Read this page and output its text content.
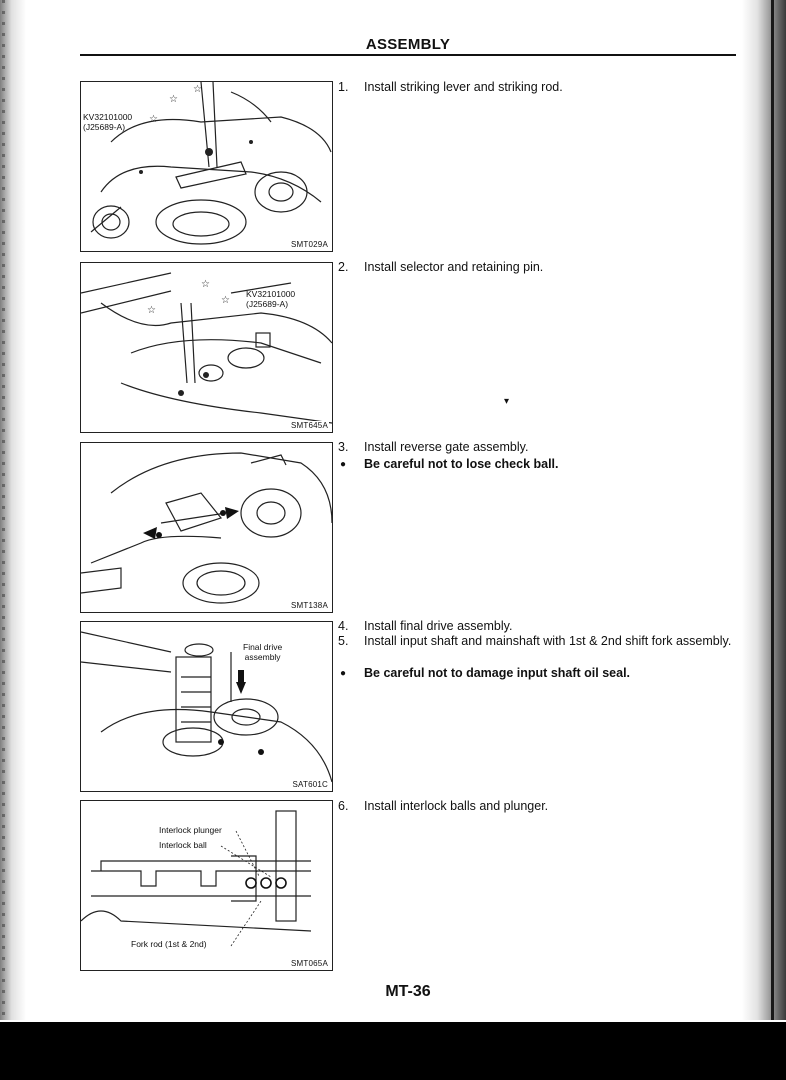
ASSEMBLY
☆
☆
☆
KV32101000
(J25689-A)
SMT029A
☆
☆
☆
KV32101000
(J25689-A)
SMT645A
SMT138A
Final drive
assembly
SAT601C
Interlock plunger
Interlock ball
Fork rod (1st & 2nd)
SMT065A
1.	Install striking lever and striking rod.
2.	Install selector and retaining pin.
▾
3.	Install reverse gate assembly.
●	Be careful not to lose check ball.
4.	Install final drive assembly.
5.	Install input shaft and mainshaft with 1st & 2nd shift fork assembly.
●	Be careful not to damage input shaft oil seal.
6.	Install interlock balls and plunger.
MT-36
